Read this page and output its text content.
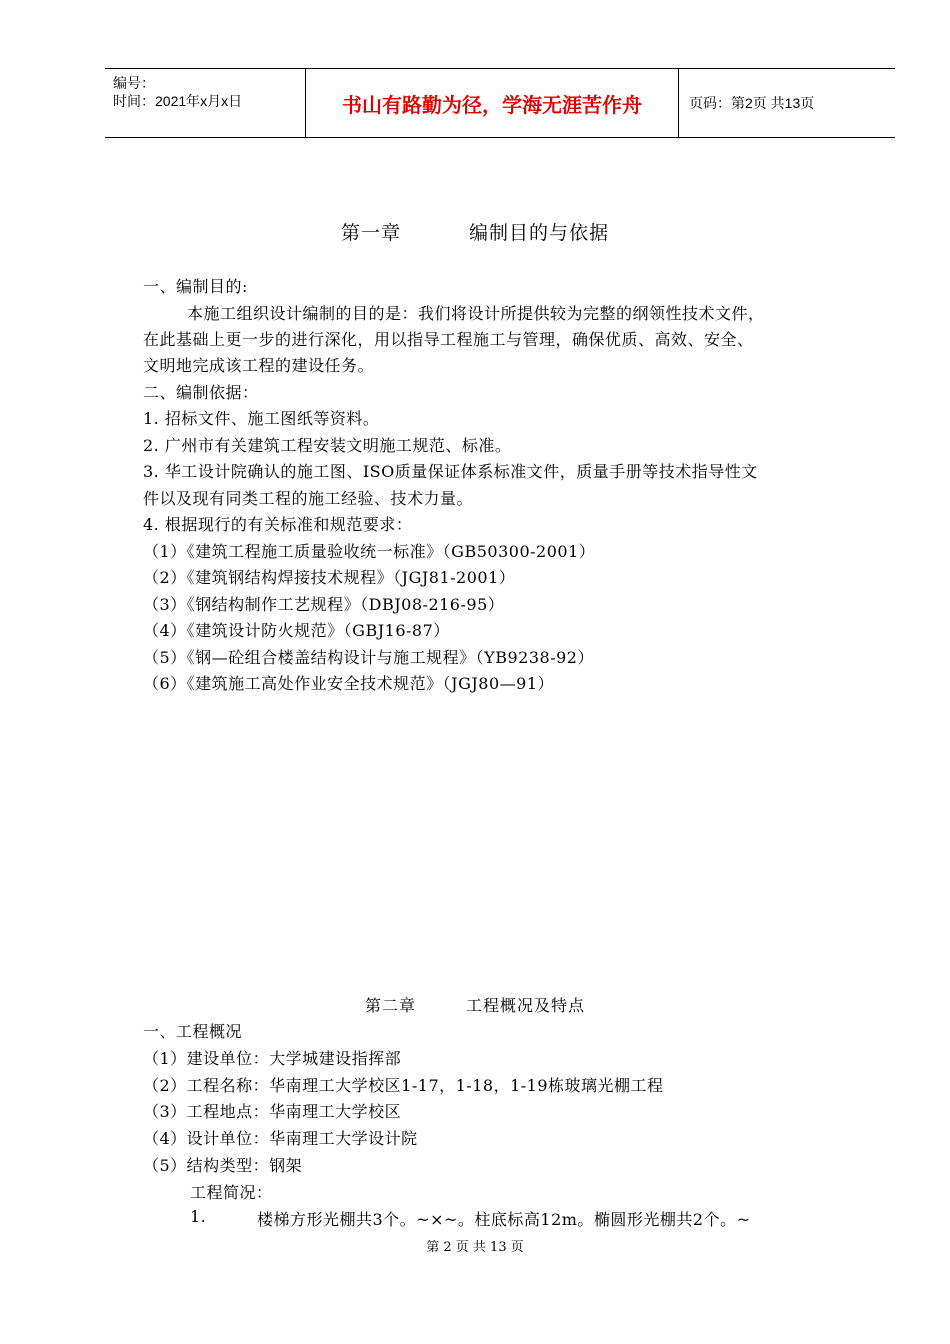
编号：
时间：2021年x月x日	书山有路勤为径，学海无涯苦作舟	页码：第2页 共13页
第一章	编制目的与依据
一、编制目的:
本施工组织设计编制的目的是：我们将设计所提供较为完整的纲领性技术文件，
在此基础上更一步的进行深化，用以指导工程施工与管理，确保优质、高效、安全、
文明地完成该工程的建设任务。
二、编制依据：
1. 招标文件、施工图纸等资料。
2. 广州市有关建筑工程安装文明施工规范、标准。
3. 华工设计院确认的施工图、ISO质量保证体系标准文件，质量手册等技术指导性文
件以及现有同类工程的施工经验、技术力量。
4. 根据现行的有关标准和规范要求：
（1）《建筑工程施工质量验收统一标准》（GB50300-2001）
（2）《建筑钢结构焊接技术规程》（JGJ81-2001）
（3）《钢结构制作工艺规程》（DBJ08-216-95）
（4）《建筑设计防火规范》（GBJ16-87）
（5）《钢—砼组合楼盖结构设计与施工规程》（YB9238-92）
（6）《建筑施工高处作业安全技术规范》（JGJ80—91）
第二章	工程概况及特点
一、工程概况
（1）建设单位：大学城建设指挥部
（2）工程名称：华南理工大学校区1-17，1-18，1-19栋玻璃光棚工程
（3）工程地点：华南理工大学校区
（4）设计单位：华南理工大学设计院
（5）结构类型：钢架
工程简况：
1.	楼梯方形光棚共3个。~×~。柱底标高12m。椭圆形光棚共2个。~
第 2 页 共 13 页
